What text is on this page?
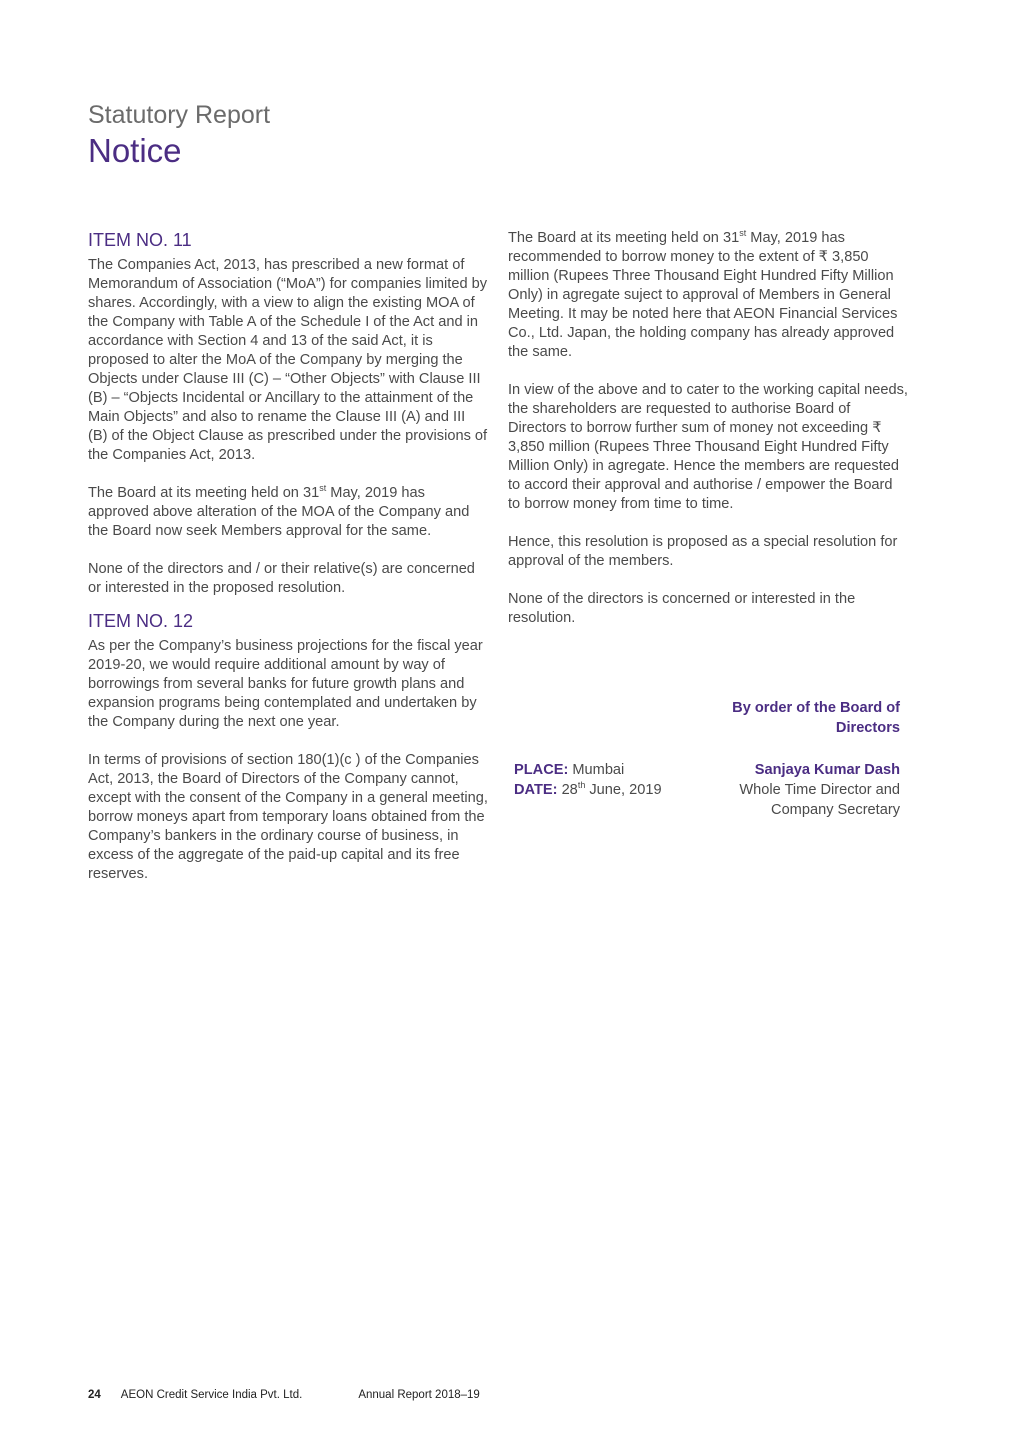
Statutory Report
Notice
ITEM NO. 11

The Companies Act, 2013, has prescribed a new format of Memorandum of Association (“MoA”) for companies limited by shares. Accordingly, with a view to align the existing MOA of the Company with Table A of the Schedule I of the Act and in accordance with Section 4 and 13 of the said Act, it is proposed to alter the MoA of the Company by merging the Objects under Clause III (C) – “Other Objects” with Clause III (B) – “Objects Incidental or Ancillary to the attainment of the Main Objects” and also to rename the Clause III (A) and III (B) of the Object Clause as prescribed under the provisions of the Companies Act, 2013.

The Board at its meeting held on 31st May, 2019 has approved above alteration of the MOA of the Company and the Board now seek Members approval for the same.

None of the directors and / or their relative(s) are concerned or interested in the proposed resolution.

ITEM NO. 12

As per the Company’s business projections for the fiscal year 2019-20, we would require additional amount by way of borrowings from several banks for future growth plans and expansion programs being contemplated and undertaken by the Company during the next one year.

In terms of provisions of section 180(1)(c ) of the Companies Act, 2013, the Board of Directors of the Company cannot, except with the consent of the Company in a general meeting, borrow moneys apart from temporary loans obtained from the Company’s bankers in the ordinary course of business, in excess of the aggregate of the paid-up capital and its free reserves.

The Board at its meeting held on 31st May, 2019 has recommended to borrow money to the extent of ₹ 3,850 million (Rupees Three Thousand Eight Hundred Fifty Million Only) in agregate suject to approval of Members in General Meeting. It may be noted here that AEON Financial Services Co., Ltd. Japan, the holding company has already approved the same.

In view of the above and to cater to the working capital needs, the shareholders are requested to authorise Board of Directors to borrow further sum of money not exceeding ₹ 3,850 million (Rupees Three Thousand Eight Hundred Fifty Million Only) in agregate. Hence the members are requested to accord their approval and authorise / empower the Board to borrow money from time to time.

Hence, this resolution is proposed as a special resolution for approval of the members.

None of the directors is concerned or interested in the resolution.

By order of the Board of
Directors
PLACE: Mumbai
DATE: 28th June, 2019
Sanjaya Kumar Dash
Whole Time Director and
Company Secretary
24 AEON Credit Service India Pvt. Ltd.	Annual Report 2018–19
